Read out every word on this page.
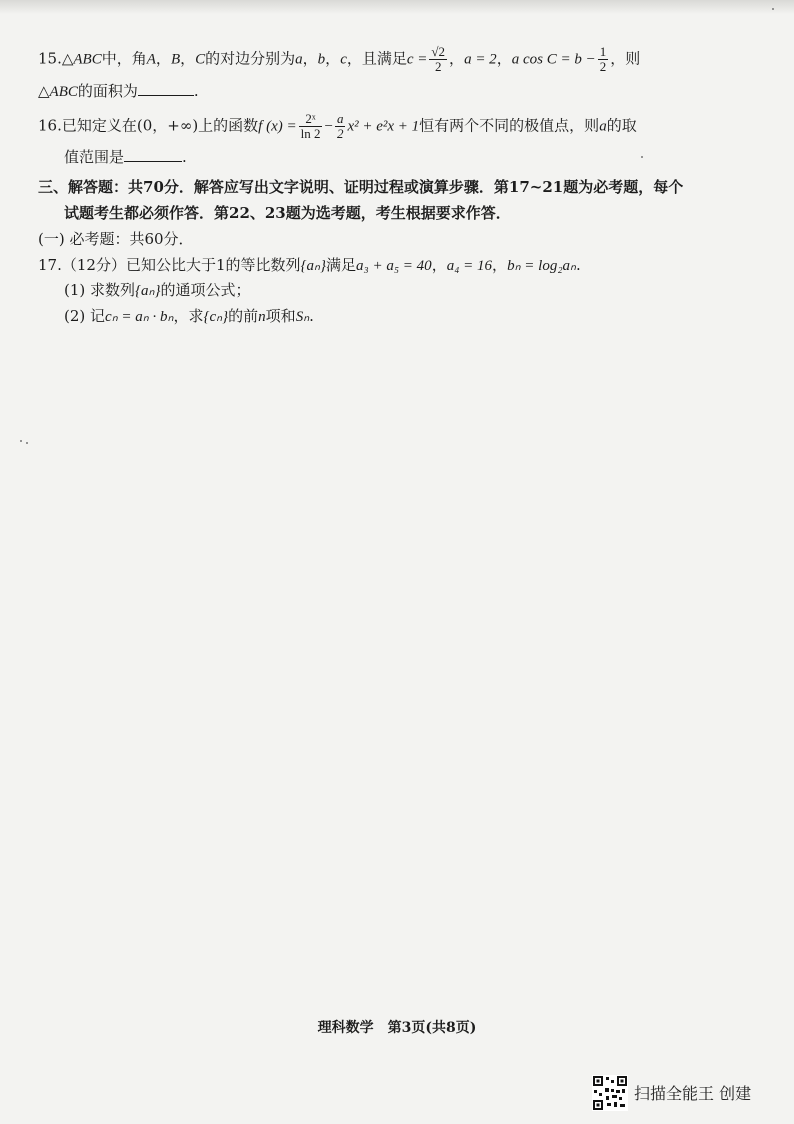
15.△ABC中，角A，B，C的对边分别为a，b，c，且满足$c = \frac{√2}{2}$ ，a = 2，a $\cos C = b - \frac{1}{2}$ ，则
△ABC的面积为	.
16.已知定义在(0，+∞)上的函数f $(x) = \frac{\text{2ˣ}}{\ln 2} - \frac{a}{2} x^2 + e^2x + 1$恒有两个不同的极值点，则a的取
值范围是	.
三、解答题：共70分．解答应写出文字说明、证明过程或演算步骤．第17~21题为必考题，每个
试题考生都必须作答．第22、23题为选考题，考生根据要求作答．
(一) 必考题：共60分．
17.（12分）已知公比大于1的等比数列{aₙ}满足a₃ + a₅ = 40，a₄ = 16，bₙ = log₂aₙ.
(1) 求数列{aₙ}的通项公式；
(2) 记cₙ = aₙ · bₙ，求{cₙ}的前n项和Sₙ.
理科数学　第3页(共8页)
扫描全能王 创建
